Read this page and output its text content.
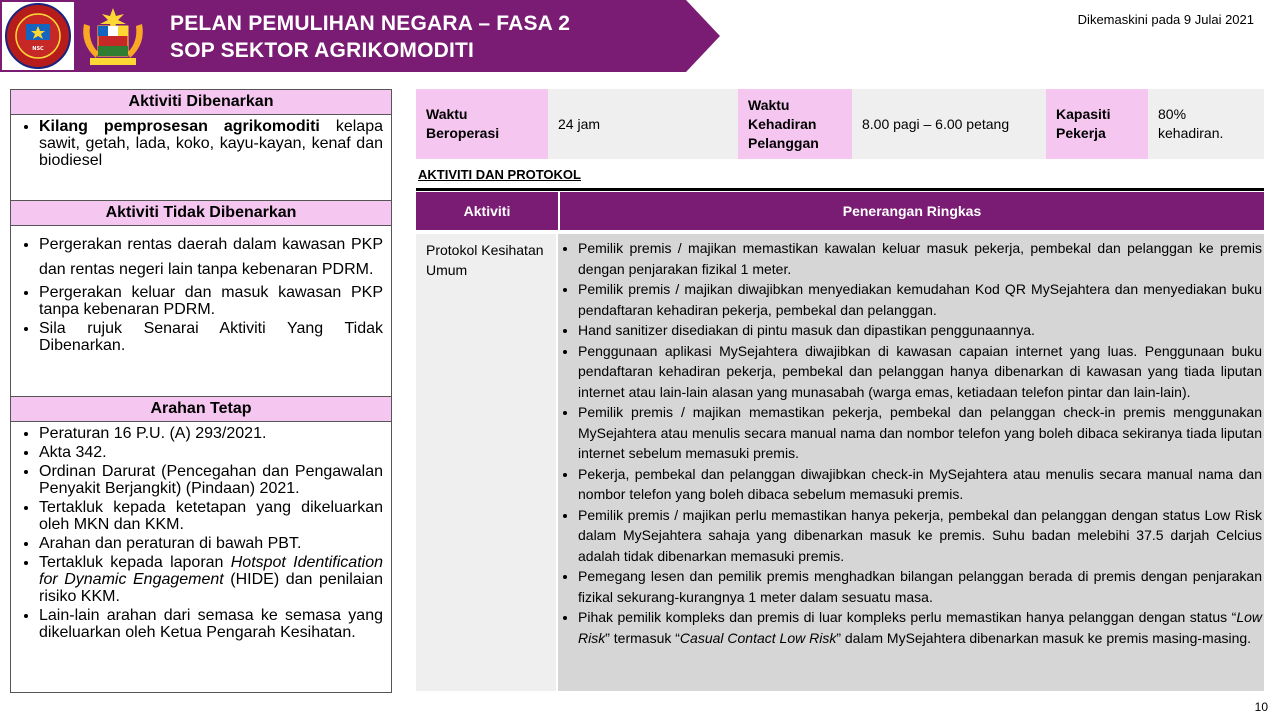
NSC
PELAN PEMULIHAN NEGARA – FASA 2
SOP SEKTOR AGRIKOMODITI
Dikemaskini pada 9 Julai 2021
Aktiviti Dibenarkan
• Kilang pemprosesan agrikomoditi kelapa sawit, getah, lada, koko, kayu-kayan, kenaf dan biodiesel
Aktiviti Tidak Dibenarkan
• Pergerakan rentas daerah dalam kawasan PKP dan rentas negeri lain tanpa kebenaran PDRM.
• Pergerakan keluar dan masuk kawasan PKP tanpa kebenaran PDRM.
• Sila rujuk Senarai Aktiviti Yang Tidak Dibenarkan.
Arahan Tetap
• Peraturan 16 P.U. (A) 293/2021.
• Akta 342.
• Ordinan Darurat (Pencegahan dan Pengawalan Penyakit Berjangkit) (Pindaan) 2021.
• Tertakluk kepada ketetapan yang dikeluarkan oleh MKN dan KKM.
• Arahan dan peraturan di bawah PBT.
• Tertakluk kepada laporan Hotspot Identification for Dynamic Engagement (HIDE) dan penilaian risiko KKM.
• Lain-lain arahan dari semasa ke semasa yang dikeluarkan oleh Ketua Pengarah Kesihatan.
Waktu Beroperasi
24 jam
Waktu Kehadiran Pelanggan
8.00 pagi – 6.00 petang
Kapasiti Pekerja
80% kehadiran.
AKTIVITI DAN PROTOKOL
Aktiviti	Penerangan Ringkas
Protokol Kesihatan Umum
• Pemilik premis / majikan memastikan kawalan keluar masuk pekerja, pembekal dan pelanggan ke premis dengan penjarakan fizikal 1 meter.
• Pemilik premis / majikan diwajibkan menyediakan kemudahan Kod QR MySejahtera dan menyediakan buku pendaftaran kehadiran pekerja, pembekal dan pelanggan.
• Hand sanitizer disediakan di pintu masuk dan dipastikan penggunaannya.
• Penggunaan aplikasi MySejahtera diwajibkan di kawasan capaian internet yang luas. Penggunaan buku pendaftaran kehadiran pekerja, pembekal dan pelanggan hanya dibenarkan di kawasan yang tiada liputan internet atau lain-lain alasan yang munasabah (warga emas, ketiadaan telefon pintar dan lain-lain).
• Pemilik premis / majikan memastikan pekerja, pembekal dan pelanggan check-in premis menggunakan MySejahtera atau menulis secara manual nama dan nombor telefon yang boleh dibaca sekiranya tiada liputan internet sebelum memasuki premis.
• Pekerja, pembekal dan pelanggan diwajibkan check-in MySejahtera atau menulis secara manual nama dan nombor telefon yang boleh dibaca sebelum memasuki premis.
• Pemilik premis / majikan perlu memastikan hanya pekerja, pembekal dan pelanggan dengan status Low Risk dalam MySejahtera sahaja yang dibenarkan masuk ke premis. Suhu badan melebihi 37.5 darjah Celcius adalah tidak dibenarkan memasuki premis.
• Pemegang lesen dan pemilik premis menghadkan bilangan pelanggan berada di premis dengan penjarakan fizikal sekurang-kurangnya 1 meter dalam sesuatu masa.
• Pihak pemilik kompleks dan premis di luar kompleks perlu memastikan hanya pelanggan dengan status “Low Risk” termasuk “Casual Contact Low Risk” dalam MySejahtera dibenarkan masuk ke premis masing-masing.
10
